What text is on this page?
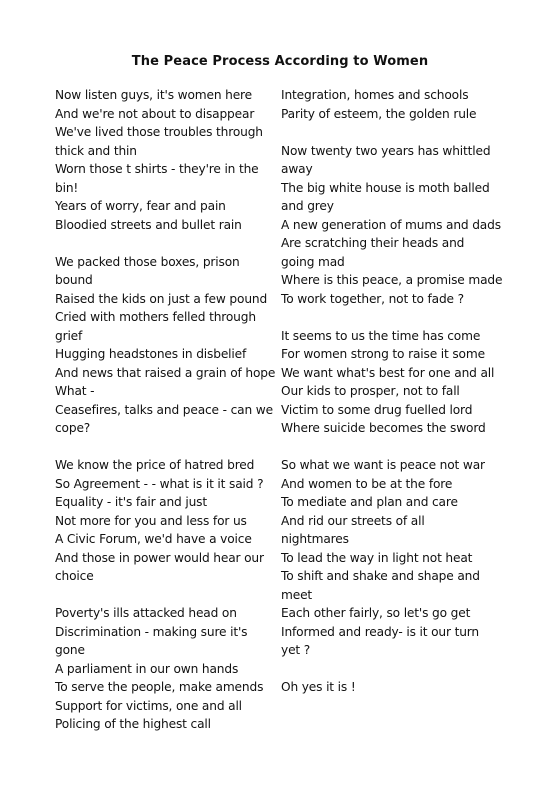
The Peace Process According to Women
Now listen guys, it's women here
And we're not about to disappear
We've lived those troubles through
thick and thin
Worn those t shirts - they're in the
bin!
Years of worry, fear and pain
Bloodied streets and bullet rain
We packed those boxes, prison
bound
Raised the kids on just a few pound
Cried with mothers felled through
grief
Hugging headstones in disbelief
And news that raised a grain of hope
What -
Ceasefires, talks and peace - can we
cope?
We know the price of hatred bred
So Agreement - - what is it it said ?
Equality - it's fair and just
Not more for you and less for us
A Civic Forum, we'd have a voice
And those in power would hear our
choice
Poverty's ills attacked head on
Discrimination - making sure it's
gone
A parliament in our own hands
To serve the people, make amends
Support for victims, one and all
Policing of the highest call
Integration, homes and schools
Parity of esteem, the golden rule
Now twenty two years has whittled
away
The big white house is moth balled
and grey
A new generation of mums and dads
Are scratching their heads and
going mad
Where is this peace, a promise made
To work together, not to fade ?
It seems to us the time has come
For women strong to raise it some
We want what's best for one and all
Our kids to prosper, not to fall
Victim to some drug fuelled lord
Where suicide becomes the sword
So what we want is peace not war
And women to be at the fore
To mediate and plan and care
And rid our streets of all
nightmares
To lead the way in light not heat
To shift and shake and shape and
meet
Each other fairly, so let's go get
Informed and ready- is it our turn
yet ?
Oh yes it is !
